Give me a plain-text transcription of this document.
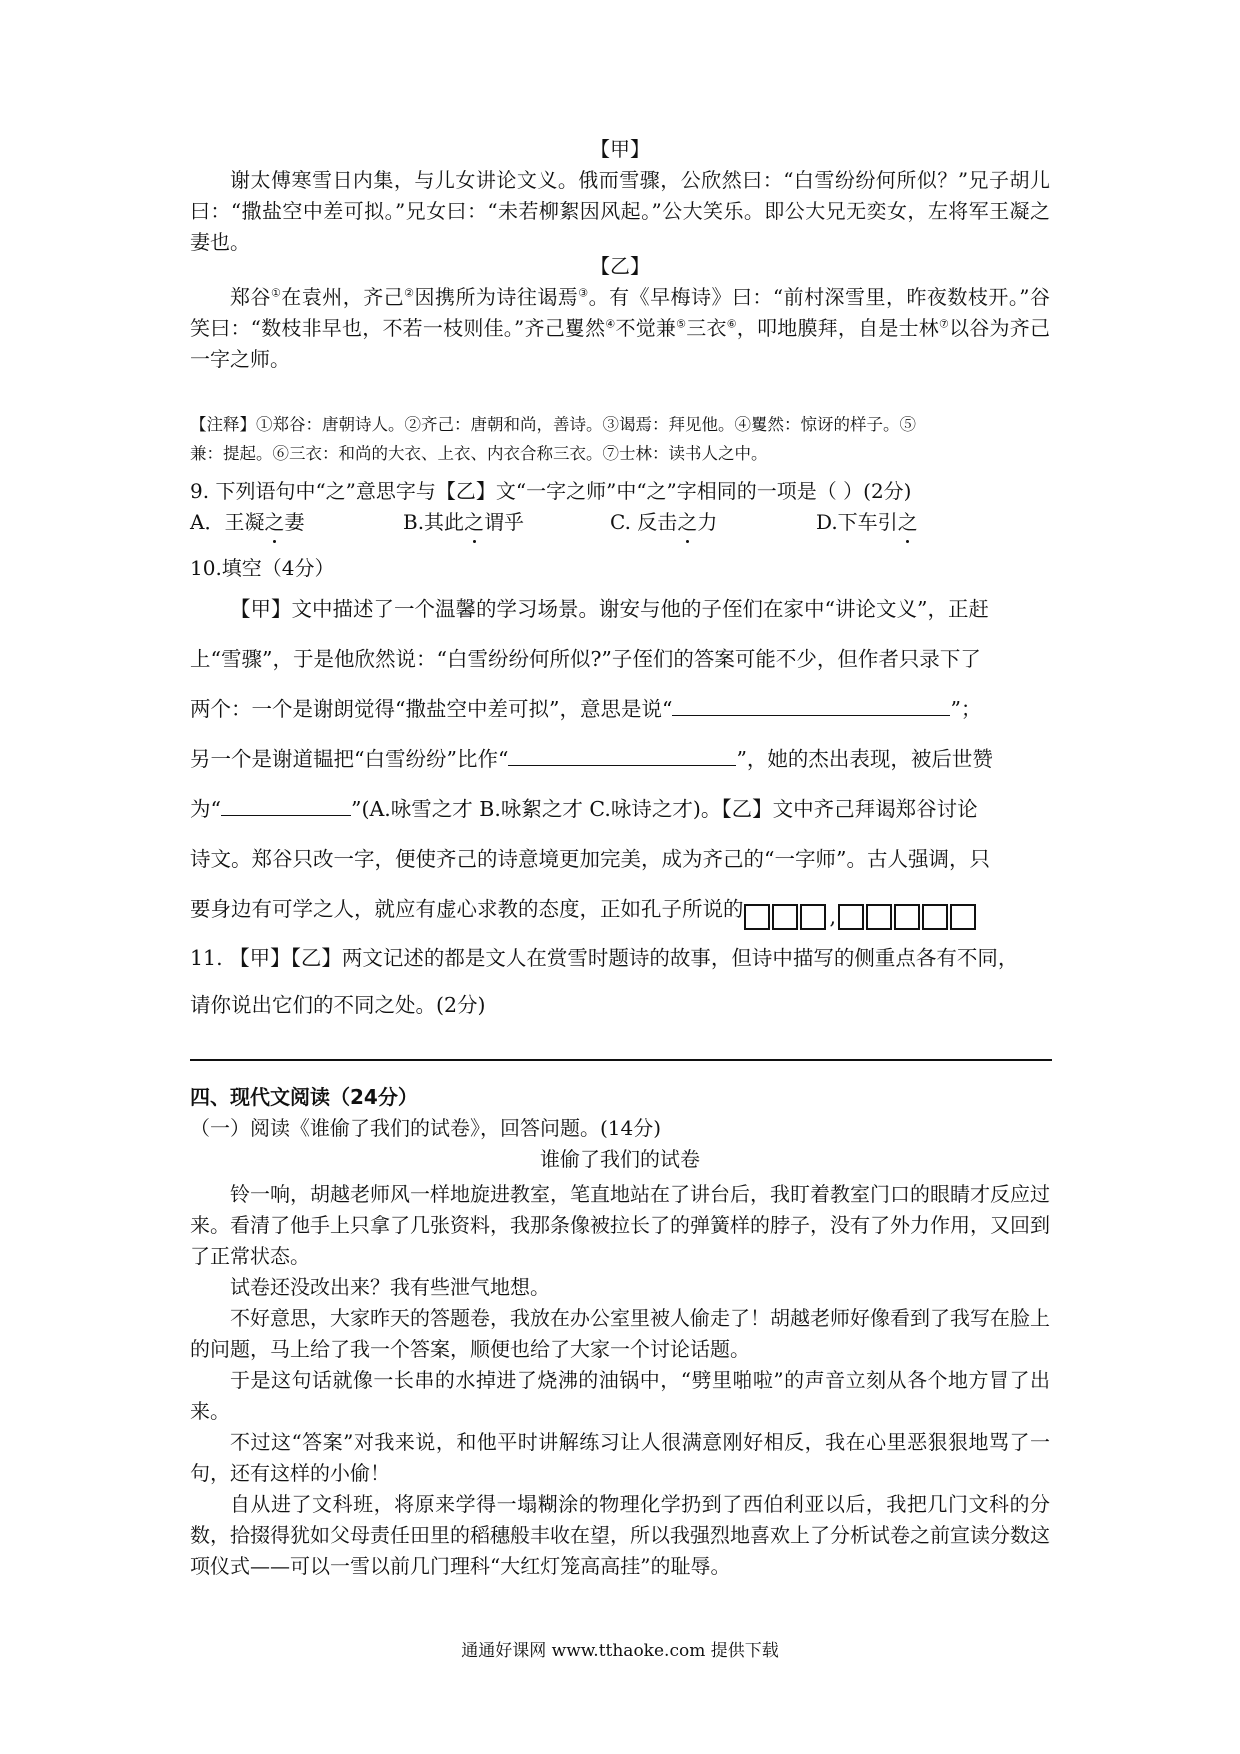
【甲】

谢太傅寒雪日内集，与儿女讲论文义。俄而雪骤，公欣然曰：“白雪纷纷何所似？”兄子胡儿曰：“撒盐空中差可拟。”兄女曰：“未若柳絮因风起。”公大笑乐。即公大兄无奕女，左将军王凝之妻也。

【乙】

郑谷①在袁州，齐己②因携所为诗往谒焉③。有《早梅诗》曰：“前村深雪里，昨夜数枝开。”谷笑曰：“数枝非早也，不若一枝则佳。”齐己矍然④不觉兼⑤三衣⑥，叩地膜拜，自是士林⑦以谷为齐己一字之师。

【注释】①郑谷：唐朝诗人。②齐己：唐朝和尚，善诗。③谒焉：拜见他。④矍然：惊讶的样子。⑤

兼：提起。⑥三衣：和尚的大衣、上衣、内衣合称三衣。⑦士林：读书人之中。

9. 下列语句中“之”意思字与【乙】文“一字之师”中“之”字相同的一项是（ ）(2分)

A．王凝之妻	B.其此之谓乎	C. 反击之力	D.下车引之

10.填空（4分）

【甲】文中描述了一个温馨的学习场景。谢安与他的子侄们在家中“讲论文义”，正赶

上“雪骤”，于是他欣然说：“白雪纷纷何所似?”子侄们的答案可能不少，但作者只录下了

两个：一个是谢朗觉得“撒盐空中差可拟”，意思是说“	”；

另一个是谢道韫把“白雪纷纷”比作“	”，她的杰出表现，被后世赞

为“	”(A.咏雪之才 B.咏絮之才 C.咏诗之才)。【乙】文中齐己拜谒郑谷讨论

诗文。郑谷只改一字，便使齐己的诗意境更加完美，成为齐己的“一字师”。古人强调，只

要身边有可学之人，就应有虚心求教的态度，正如孔子所说的	,

11. 【甲】【乙】两文记述的都是文人在赏雪时题诗的故事，但诗中描写的侧重点各有不同，

请你说出它们的不同之处。(2分)

四、现代文阅读（24分）

（一）阅读《谁偷了我们的试卷》，回答问题。(14分)

谁偷了我们的试卷

铃一响，胡越老师风一样地旋进教室，笔直地站在了讲台后，我盯着教室门口的眼睛才反应过来。看清了他手上只拿了几张资料，我那条像被拉长了的弹簧样的脖子，没有了外力作用，又回到了正常状态。

试卷还没改出来？我有些泄气地想。

不好意思，大家昨天的答题卷，我放在办公室里被人偷走了！胡越老师好像看到了我写在脸上的问题，马上给了我一个答案，顺便也给了大家一个讨论话题。

于是这句话就像一长串的水掉进了烧沸的油锅中，“劈里啪啦”的声音立刻从各个地方冒了出来。

不过这“答案”对我来说，和他平时讲解练习让人很满意刚好相反，我在心里恶狠狠地骂了一句，还有这样的小偷！

自从进了文科班，将原来学得一塌糊涂的物理化学扔到了西伯利亚以后，我把几门文科的分数，拾掇得犹如父母责任田里的稻穗般丰收在望，所以我强烈地喜欢上了分析试卷之前宣读分数这项仪式——可以一雪以前几门理科“大红灯笼高高挂”的耻辱。

通通好课网 www.tthaoke.com 提供下载
